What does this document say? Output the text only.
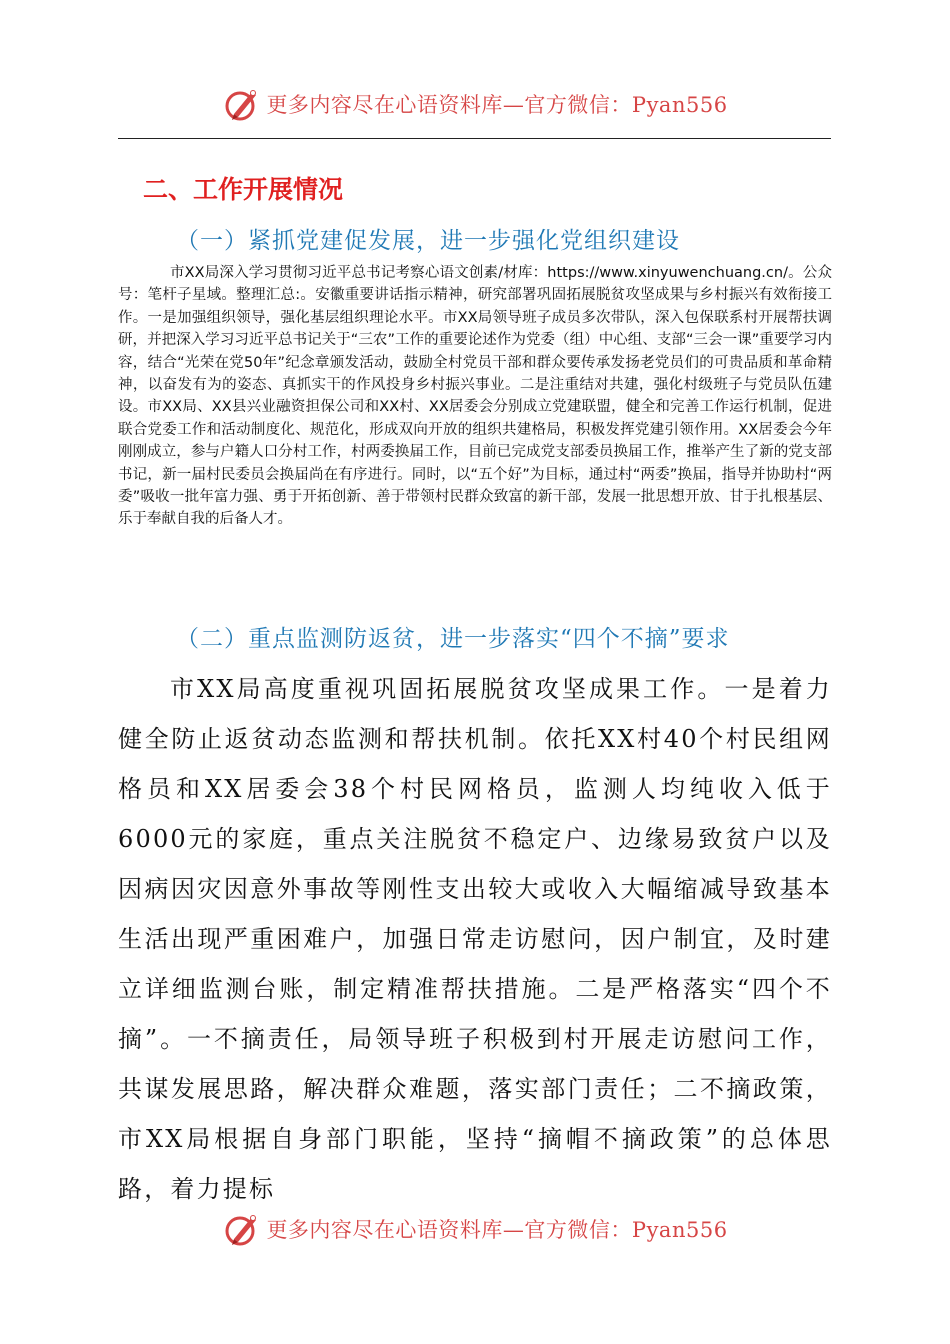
更多内容尽在心语资料库—官方微信：Pyan556
二、工作开展情况
（一）紧抓党建促发展，进一步强化党组织建设
市XX局深入学习贯彻习近平总书记考察心语文创素/材库：https://www.xinyuwenchuang.cn/。公众号：笔杆子星域。整理汇总:。安徽重要讲话指示精神，研究部署巩固拓展脱贫攻坚成果与乡村振兴有效衔接工作。一是加强组织领导，强化基层组织理论水平。市XX局领导班子成员多次带队，深入包保联系村开展帮扶调研，并把深入学习习近平总书记关于“三农”工作的重要论述作为党委（组）中心组、支部“三会一课”重要学习内容，结合“光荣在党50年”纪念章颁发活动，鼓励全村党员干部和群众要传承发扬老党员们的可贵品质和革命精神，以奋发有为的姿态、真抓实干的作风投身乡村振兴事业。二是注重结对共建，强化村级班子与党员队伍建设。市XX局、XX县兴业融资担保公司和XX村、XX居委会分别成立党建联盟，健全和完善工作运行机制，促进联合党委工作和活动制度化、规范化，形成双向开放的组织共建格局，积极发挥党建引领作用。XX居委会今年刚刚成立，参与户籍人口分村工作，村两委换届工作，目前已完成党支部委员换届工作，推举产生了新的党支部书记，新一届村民委员会换届尚在有序进行。同时，以“五个好”为目标，通过村“两委”换届，指导并协助村“两委”吸收一批年富力强、勇于开拓创新、善于带领村民群众致富的新干部，发展一批思想开放、甘于扎根基层、乐于奉献自我的后备人才。
（二）重点监测防返贫，进一步落实“四个不摘”要求
市XX局高度重视巩固拓展脱贫攻坚成果工作。一是着力健全防止返贫动态监测和帮扶机制。依托XX村40个村民组网格员和XX居委会38个村民网格员，监测人均纯收入低于6000元的家庭，重点关注脱贫不稳定户、边缘易致贫户以及因病因灾因意外事故等刚性支出较大或收入大幅缩减导致基本生活出现严重困难户，加强日常走访慰问，因户制宜，及时建立详细监测台账，制定精准帮扶措施。二是严格落实“四个不摘”。一不摘责任，局领导班子积极到村开展走访慰问工作，共谋发展思路，解决群众难题，落实部门责任；二不摘政策，市XX局根据自身部门职能，坚持“摘帽不摘政策”的总体思路，着力提标
更多内容尽在心语资料库—官方微信：Pyan556
